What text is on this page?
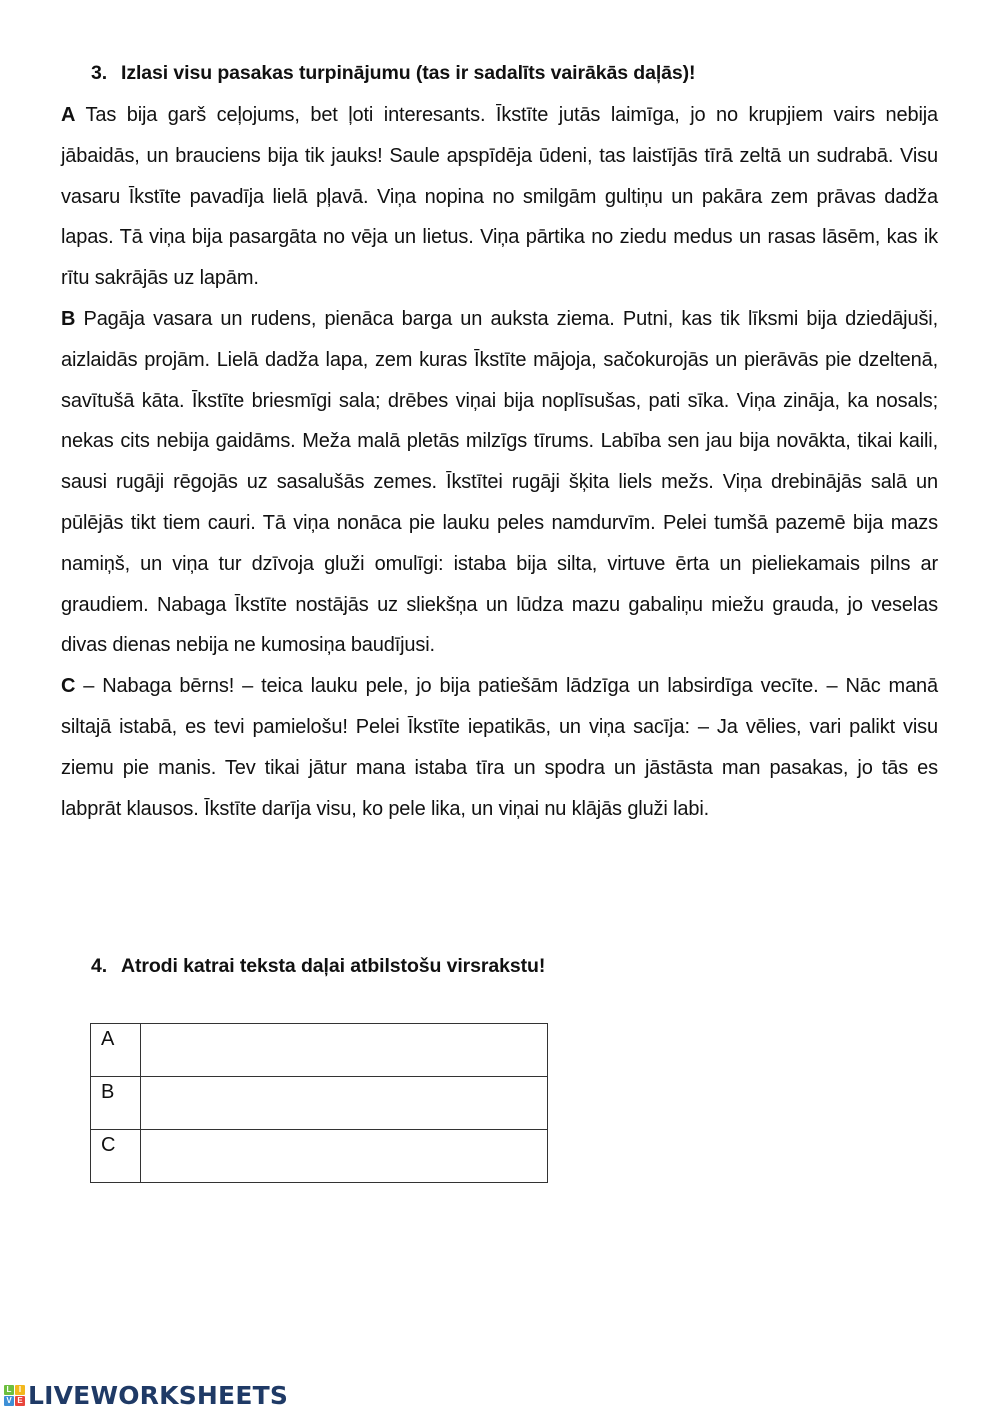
3. Izlasi visu pasakas turpinājumu (tas ir sadalīts vairākās daļās)!

A Tas bija garš ceļojums, bet ļoti interesants. Īkstīte jutās laimīga, jo no krupjiem vairs nebija jābaidās, un brauciens bija tik jauks! Saule apspīdēja ūdeni, tas laistījās tīrā zeltā un sudrabā. Visu vasaru Īkstīte pavadīja lielā pļavā. Viņa nopina no smilgām gultiņu un pakāra zem prāvas dadža lapas. Tā viņa bija pasargāta no vēja un lietus. Viņa pārtika no ziedu medus un rasas lāsēm, kas ik rītu sakrājās uz lapām.

B Pagāja vasara un rudens, pienāca barga un auksta ziema. Putni, kas tik līksmi bija dziedājuši, aizlaidās projām. Lielā dadža lapa, zem kuras Īkstīte mājoja, sačokurojās un pierāvās pie dzeltenā, savītušā kāta. Īkstīte briesmīgi sala; drēbes viņai bija noplīsušas, pati sīka. Viņa zināja, ka nosals; nekas cits nebija gaidāms. Meža malā pletās milzīgs tīrums. Labība sen jau bija novākta, tikai kaili, sausi rugāji rēgojās uz sasalušās zemes. Īkstītei rugāji šķita liels mežs. Viņa drebinājās salā un pūlējās tikt tiem cauri. Tā viņa nonāca pie lauku peles namdurvīm. Pelei tumšā pazemē bija mazs namiņš, un viņa tur dzīvoja gluži omulīgi: istaba bija silta, virtuve ērta un pieliekamais pilns ar graudiem. Nabaga Īkstīte nostājās uz sliekšņa un lūdza mazu gabaliņu miežu grauda, jo veselas divas dienas nebija ne kumosiņa baudījusi.

C – Nabaga bērns! – teica lauku pele, jo bija patiešām lādzīga un labsirdīga vecīte. – Nāc manā siltajā istabā, es tevi pamielošu! Pelei Īkstīte iepatikās, un viņa sacīja: – Ja vēlies, vari palikt visu ziemu pie manis. Tev tikai jātur mana istaba tīra un spodra un jāstāsta man pasakas, jo tās es labprāt klausos. Īkstīte darīja visu, ko pele lika, un viņai nu klājās gluži labi.

4. Atrodi katrai teksta daļai atbilstošu virsrakstu!
A	
B	
C	
L I
V E LIVEWORKSHEETS
